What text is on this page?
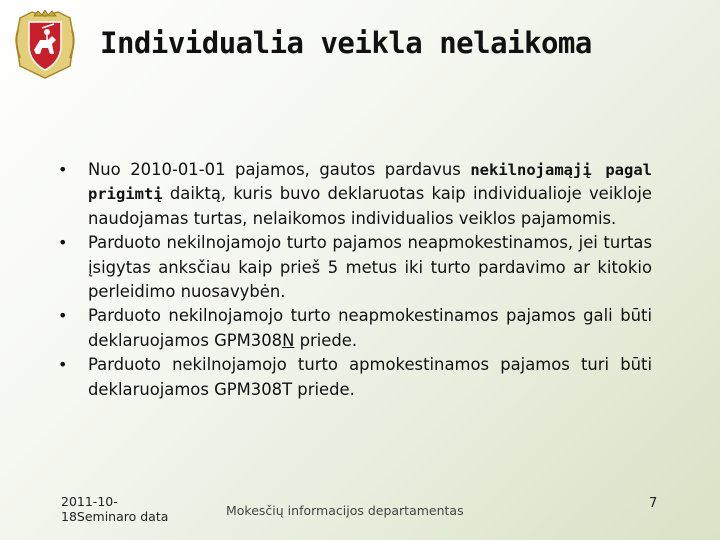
Individualia veikla nelaikoma
• Nuo 2010-01-01 pajamos, gautos pardavus nekilnojamąjį pagal prigimtį daiktą, kuris buvo deklaruotas kaip individualioje veikloje naudojamas turtas, nelaikomos individualios veiklos pajamomis.
• Parduoto nekilnojamojo turto pajamos neapmokestinamos, jei turtas įsigytas anksčiau kaip prieš 5 metus iki turto pardavimo ar kitokio perleidimo nuosavybėn.
• Parduoto nekilnojamojo turto neapmokestinamos pajamos gali būti deklaruojamos GPM308N priede.
• Parduoto nekilnojamojo turto apmokestinamos pajamos turi būti deklaruojamos GPM308T priede.
2011-10-
18Seminaro data	Mokesčių informacijos departamentas	7
